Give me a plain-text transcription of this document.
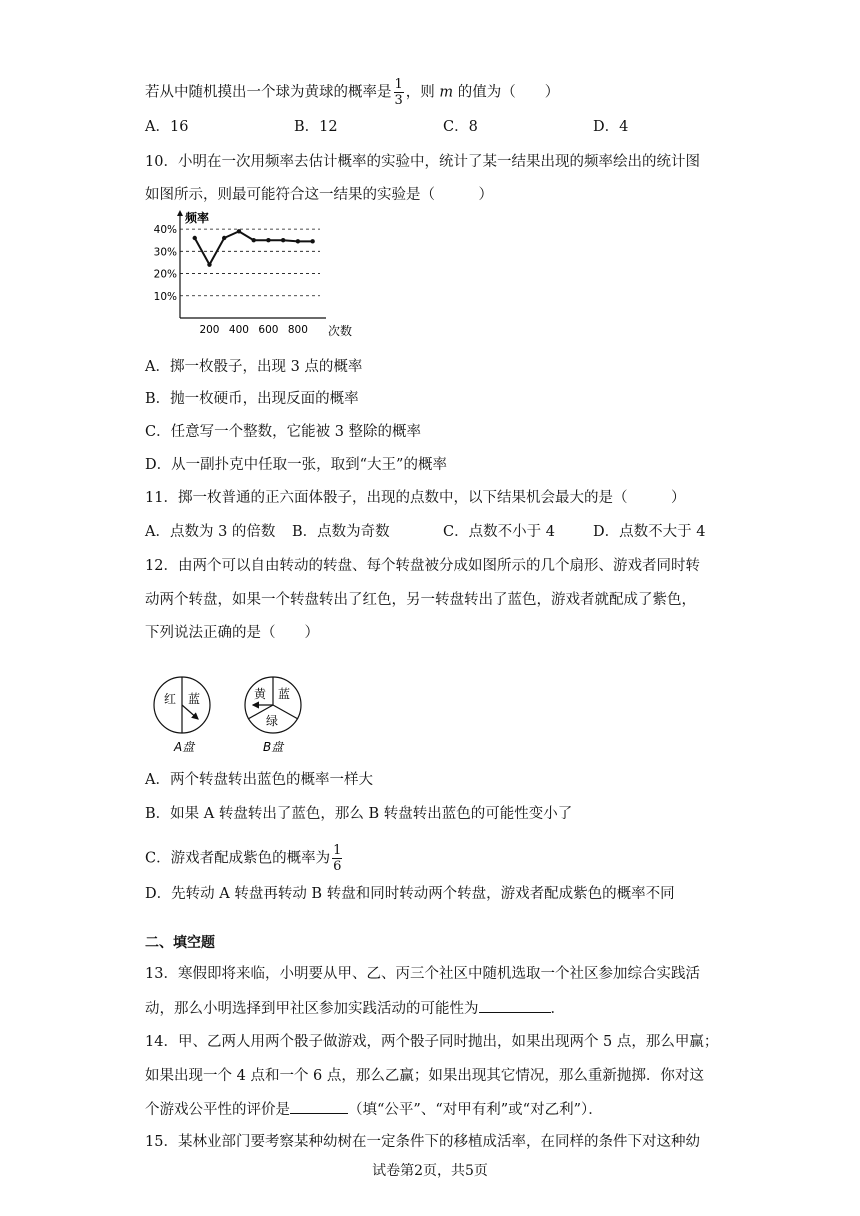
若从中随机摸出一个球为黄球的概率是 $\frac{1}{3}$ ，则 m 的值为（　　）
A．16	B．12	C．8	D．4
10．小明在一次用频率去估计概率的实验中，统计了某一结果出现的频率绘出的统计图
如图所示，则最可能符合这一结果的实验是（　　　）
频率
次数
10%
20%
30%
40%
200 400 600 800
A．掷一枚骰子，出现 3 点的概率
B．抛一枚硬币，出现反面的概率
C．任意写一个整数，它能被 3 整除的概率
D．从一副扑克中任取一张，取到“大王”的概率
11．掷一枚普通的正六面体骰子，出现的点数中，以下结果机会最大的是（　　　）
A．点数为 3 的倍数 B．点数为奇数	C．点数不小于 4	D．点数不大于 4
12．由两个可以自由转动的转盘、每个转盘被分成如图所示的几个扇形、游戏者同时转
动两个转盘，如果一个转盘转出了红色，另一转盘转出了蓝色，游戏者就配成了紫色，
下列说法正确的是（　　）
红 蓝
A盘
黄 蓝
绿
B盘
A．两个转盘转出蓝色的概率一样大
B．如果 A 转盘转出了蓝色，那么 B 转盘转出蓝色的可能性变小了
C．游戏者配成紫色的概率为 $\frac{1}{6}$
D．先转动 A 转盘再转动 B 转盘和同时转动两个转盘，游戏者配成紫色的概率不同
二、填空题
13．寒假即将来临，小明要从甲、乙、丙三个社区中随机选取一个社区参加综合实践活
动，那么小明选择到甲社区参加实践活动的可能性为	．
14．甲、乙两人用两个骰子做游戏，两个骰子同时抛出，如果出现两个 5 点，那么甲赢；
如果出现一个 4 点和一个 6 点，那么乙赢；如果出现其它情况，那么重新抛掷．你对这
个游戏公平性的评价是	（填“公平”、“对甲有利”或“对乙利”）．
15．某林业部门要考察某种幼树在一定条件下的移植成活率，在同样的条件下对这种幼
试卷第2页，共5页
